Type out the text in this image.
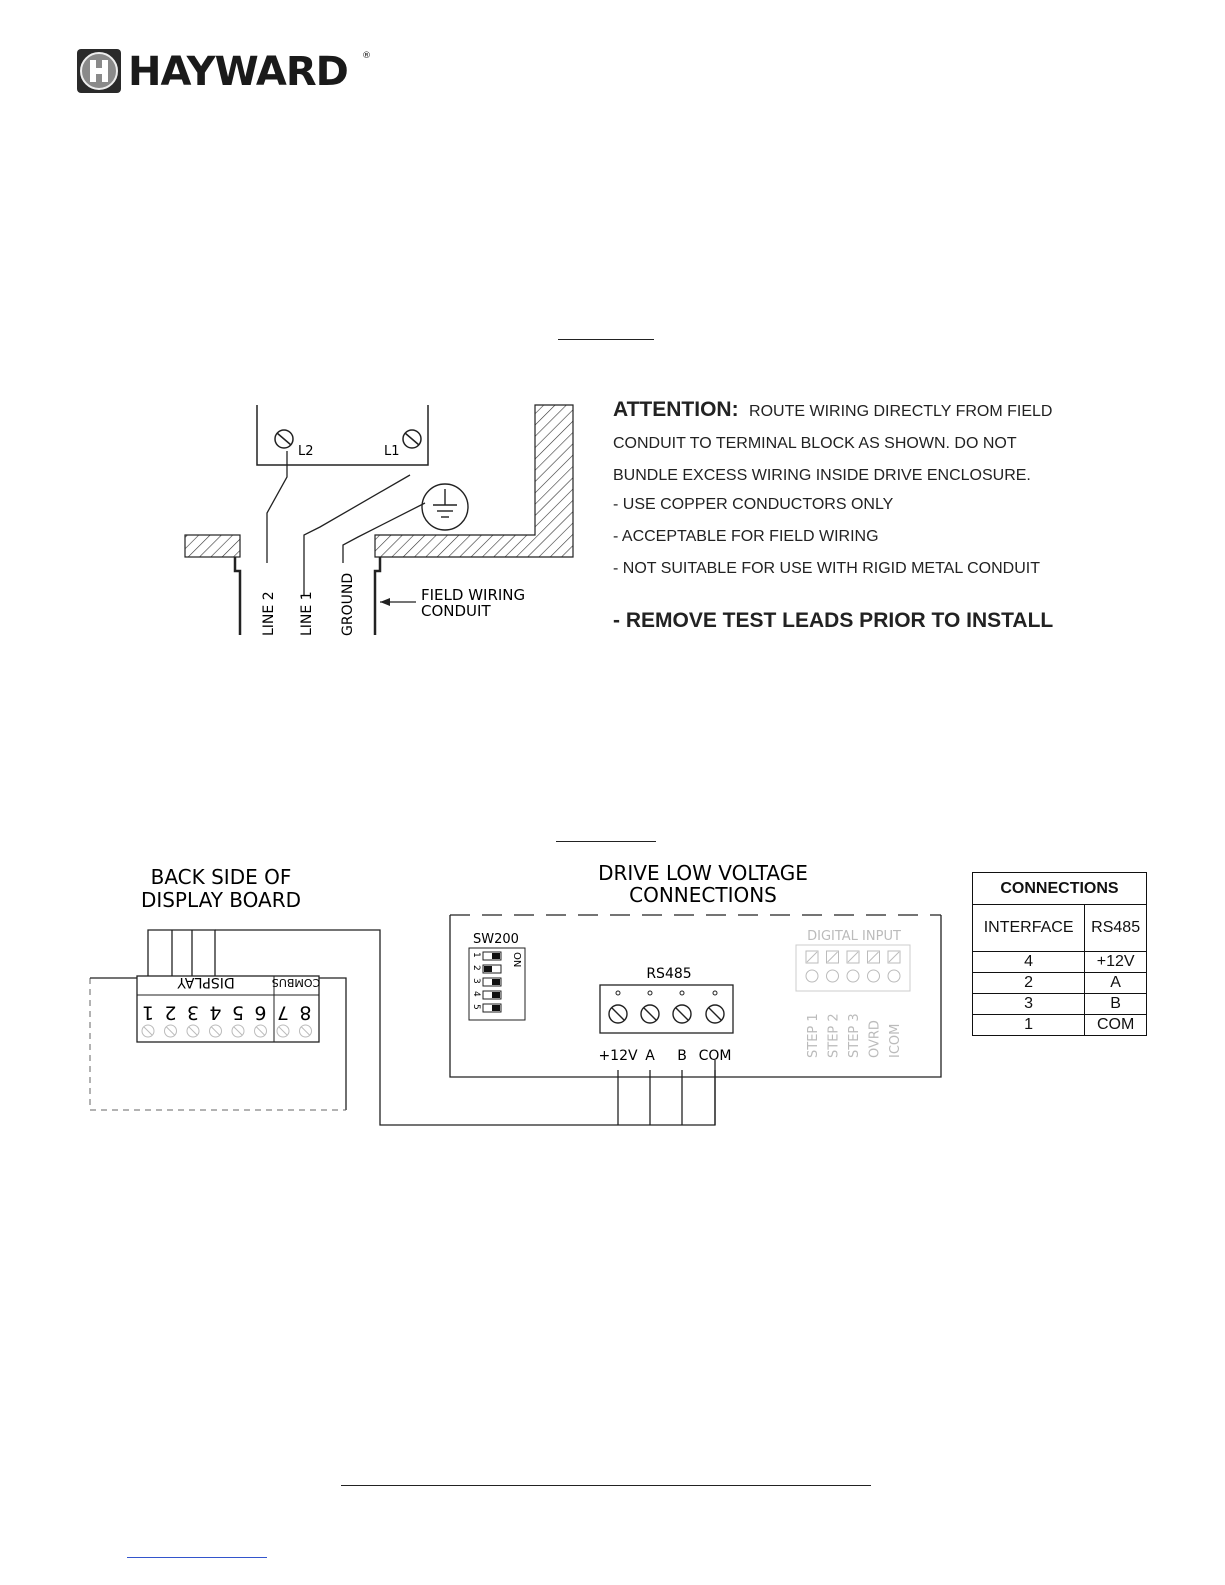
HAYWARD ®
L2	L1
LINE 2 LINE 1 GROUND	FIELD WIRING
CONDUIT
ATTENTION: ROUTE WIRING DIRECTLY FROM FIELD
CONDUIT TO TERMINAL BLOCK AS SHOWN. DO NOT
BUNDLE EXCESS WIRING INSIDE DRIVE ENCLOSURE.
- USE COPPER CONDUCTORS ONLY
- ACCEPTABLE FOR FIELD WIRING
- NOT SUITABLE FOR USE WITH RIGID METAL CONDUIT
- REMOVE TEST LEADS PRIOR TO INSTALL
BACK SIDE OF
DISPLAY BOARD
DISPLAY	COMBUS
1 2 3 4 5 6 7 8
DRIVE LOW VOLTAGE
CONNECTIONS
SW200
ON
1
2
3
4
5
RS485
+12V A B COM
DIGITAL INPUT
STEP 1 STEP 2 STEP 3 OVRD ICOM
CONNECTIONS	
INTERFACE	RS485
4	+12V
2	A
3	B
1	COM
